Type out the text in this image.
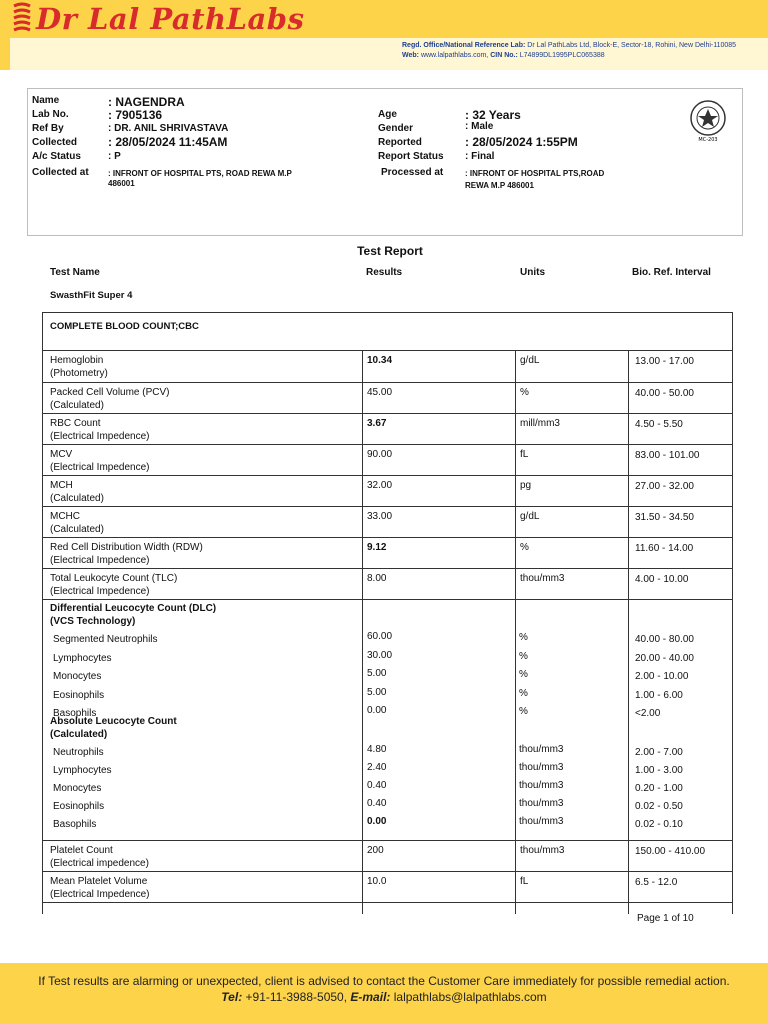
Dr Lal PathLabs
Regd. Office/National Reference Lab: Dr Lal PathLabs Ltd, Block-E, Sector-18, Rohini, New Delhi-110085
Web: www.lalpathlabs.com, CIN No.: L74899DL1995PLC065388
Name	: NAGENDRA
Lab No.	: 7905136
Ref By	: DR. ANIL SHRIVASTAVA
Collected	: 28/05/2024 11:45AM
A/c Status	: P
Collected at : INFRONT OF HOSPITAL PTS, ROAD REWA M.P
486001
Age	: 32 Years
Gender	: Male
Reported	: 28/05/2024 1:55PM
Report Status : Final
Processed at	: INFRONT OF HOSPITAL PTS,ROAD
REWA M.P 486001
MC-203
Test Report
Test Name	Results	Units	Bio. Ref. Interval
SwasthFit Super 4
COMPLETE BLOOD COUNT;CBC
Hemoglobin
(Photometry)
10.34	g/dL	13.00 - 17.00
Packed Cell Volume (PCV)
(Calculated)
45.00	%	40.00 - 50.00
RBC Count
(Electrical Impedence)
3.67	mill/mm3	4.50 - 5.50
MCV
(Electrical Impedence)
90.00	fL	83.00 - 101.00
MCH
(Calculated)
32.00	pg	27.00 - 32.00
MCHC
(Calculated)
33.00	g/dL	31.50 - 34.50
Red Cell Distribution Width (RDW)
(Electrical Impedence)
9.12	%	11.60 - 14.00
Total Leukocyte Count (TLC)
(Electrical Impedence)
8.00	thou/mm3	4.00 - 10.00
Differential Leucocyte Count (DLC)
(VCS Technology)
Segmented Neutrophils	60.00	%	40.00 - 80.00
Lymphocytes	30.00	%	20.00 - 40.00
Monocytes	5.00	%	2.00 - 10.00
Eosinophils	5.00	%	1.00 - 6.00
Basophils	0.00	%	<2.00
Absolute Leucocyte Count
(Calculated)
Neutrophils	4.80	thou/mm3	2.00 - 7.00
Lymphocytes	2.40	thou/mm3	1.00 - 3.00
Monocytes	0.40	thou/mm3	0.20 - 1.00
Eosinophils	0.40	thou/mm3	0.02 - 0.50
Basophils	0.00	thou/mm3	0.02 - 0.10
Platelet Count
(Electrical impedence)
200	thou/mm3	150.00 - 410.00
Mean Platelet Volume
(Electrical Impedence)
10.0	fL	6.5 - 12.0
Page 1 of 10
If Test results are alarming or unexpected, client is advised to contact the Customer Care immediately for possible remedial action.
Tel: +91-11-3988-5050, E-mail: lalpathlabs@lalpathlabs.com
